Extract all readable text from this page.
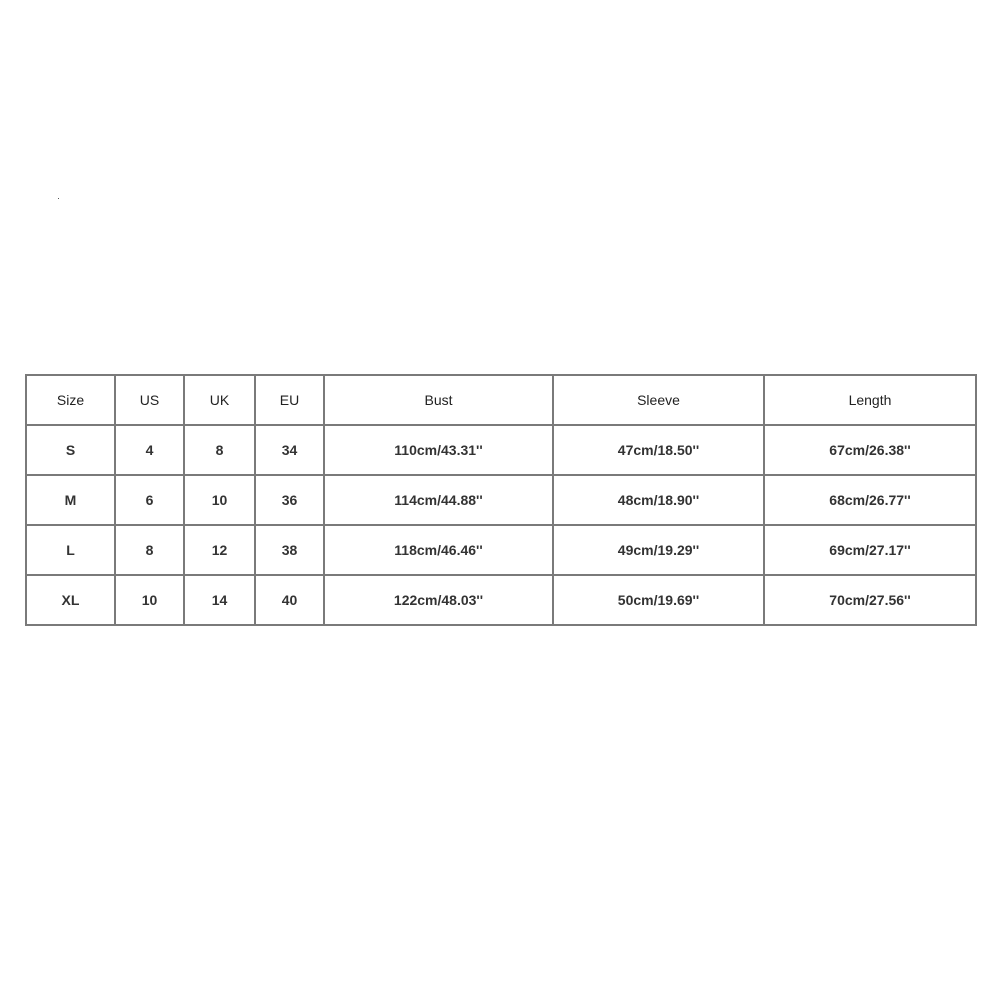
Size	US	UK	EU	Bust	Sleeve	Length
S	4	8	34	110cm/43.31''	47cm/18.50''	67cm/26.38''
M	6	10	36	114cm/44.88''	48cm/18.90''	68cm/26.77''
L	8	12	38	118cm/46.46''	49cm/19.29''	69cm/27.17''
XL	10	14	40	122cm/48.03''	50cm/19.69''	70cm/27.56''
